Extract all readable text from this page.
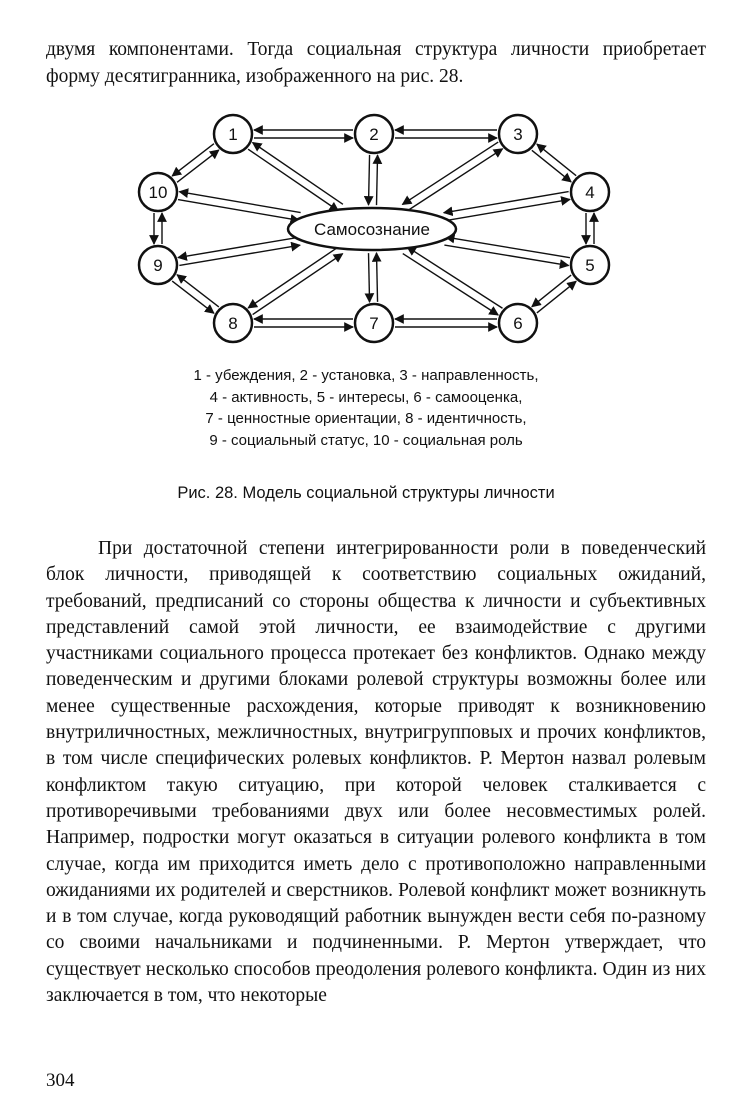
двумя компонентами. Тогда социальная структура личности приобретает форму десятигранника, изображенного на рис. 28.
Самосознание
1	2	3
4
5
6
7
8
9
10
1 - убеждения, 2 - установка, 3 - направленность,
4 - активность, 5 - интересы, 6 - самооценка,
7 - ценностные ориентации, 8 - идентичность,
9 - социальный статус, 10 - социальная роль
Рис. 28. Модель социальной структуры личности
При достаточной степени интегрированности роли в поведенческий блок личности, приводящей к соответствию социальных ожиданий, требований, предписаний со стороны общества к личности и субъективных представлений самой этой личности, ее взаимодействие с другими участниками социального процесса протекает без конфликтов. Однако между поведенческим и другими блоками ролевой структуры возможны более или менее существенные расхождения, которые приводят к возникновению внутриличностных, межличностных, внутригрупповых и прочих конфликтов, в том числе специфических ролевых конфликтов. Р. Мертон назвал ролевым конфликтом такую ситуацию, при которой человек сталкивается с противоречивыми требованиями двух или более несовместимых ролей. Например, подростки могут оказаться в ситуации ролевого конфликта в том случае, когда им приходится иметь дело с противоположно направленными ожиданиями их родителей и сверстников. Ролевой конфликт может возникнуть и в том случае, когда руководящий работник вынужден вести себя по-разному со своими начальниками и подчиненными. Р. Мертон утверждает, что существует несколько способов преодоления ролевого конфликта. Один из них заключается в том, что некоторые
304
